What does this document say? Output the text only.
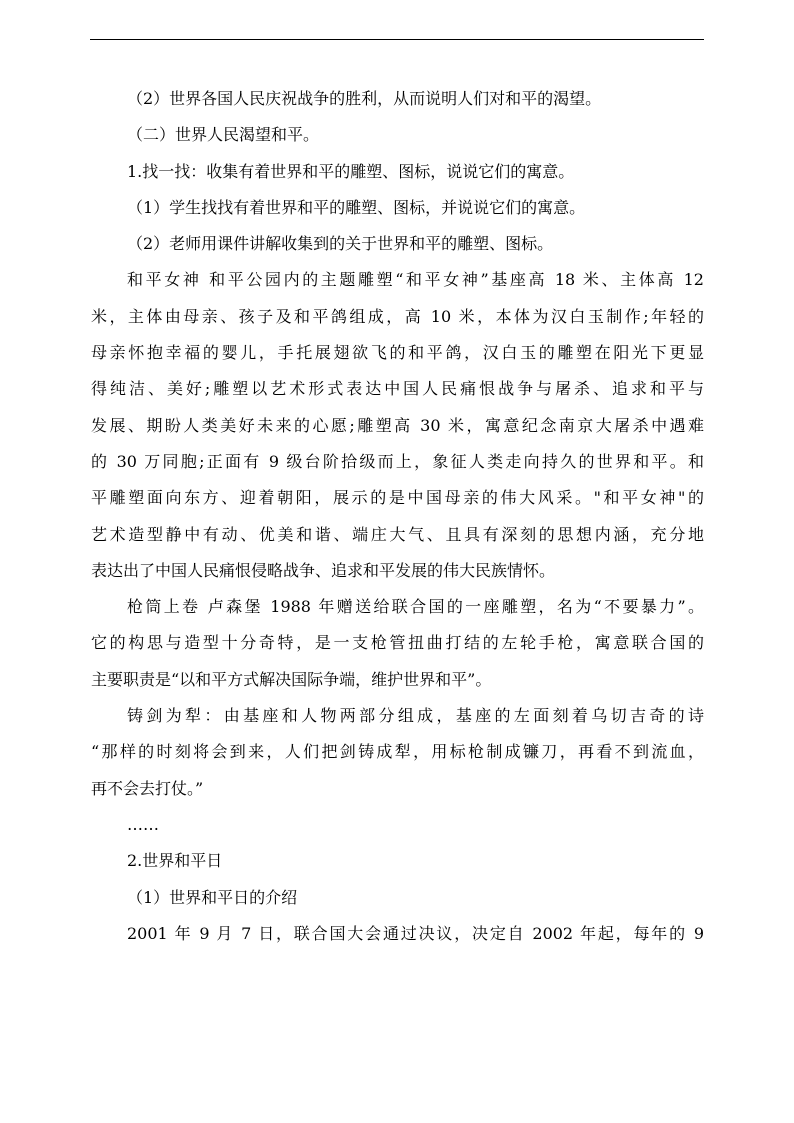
（2）世界各国人民庆祝战争的胜利，从而说明人们对和平的渴望。

（二）世界人民渴望和平。

1.找一找：收集有着世界和平的雕塑、图标，说说它们的寓意。

（1）学生找找有着世界和平的雕塑、图标，并说说它们的寓意。

（2）老师用课件讲解收集到的关于世界和平的雕塑、图标。

和平女神 和平公园内的主题雕塑“和平女神”基座高 18 米、主体高 12
米，主体由母亲、孩子及和平鸽组成，高 10 米，本体为汉白玉制作;年轻的
母亲怀抱幸福的婴儿，手托展翅欲飞的和平鸽，汉白玉的雕塑在阳光下更显
得纯洁、美好;雕塑以艺术形式表达中国人民痛恨战争与屠杀、追求和平与
发展、期盼人类美好未来的心愿;雕塑高 30 米，寓意纪念南京大屠杀中遇难
的 30 万同胞;正面有 9 级台阶拾级而上，象征人类走向持久的世界和平。和
平雕塑面向东方、迎着朝阳，展示的是中国母亲的伟大风采。"和平女神"的
艺术造型静中有动、优美和谐、端庄大气、且具有深刻的思想内涵，充分地
表达出了中国人民痛恨侵略战争、追求和平发展的伟大民族情怀。

枪筒上卷 卢森堡 1988 年赠送给联合国的一座雕塑，名为“不要暴力”。
它的构思与造型十分奇特，是一支枪管扭曲打结的左轮手枪，寓意联合国的
主要职责是“以和平方式解决国际争端，维护世界和平”。

铸剑为犁：由基座和人物两部分组成，基座的左面刻着乌切吉奇的诗
“那样的时刻将会到来，人们把剑铸成犁，用标枪制成镰刀，再看不到流血，
再不会去打仗。”

……

2.世界和平日

（1）世界和平日的介绍

2001 年 9 月 7 日，联合国大会通过决议，决定自 2002 年起，每年的 9
